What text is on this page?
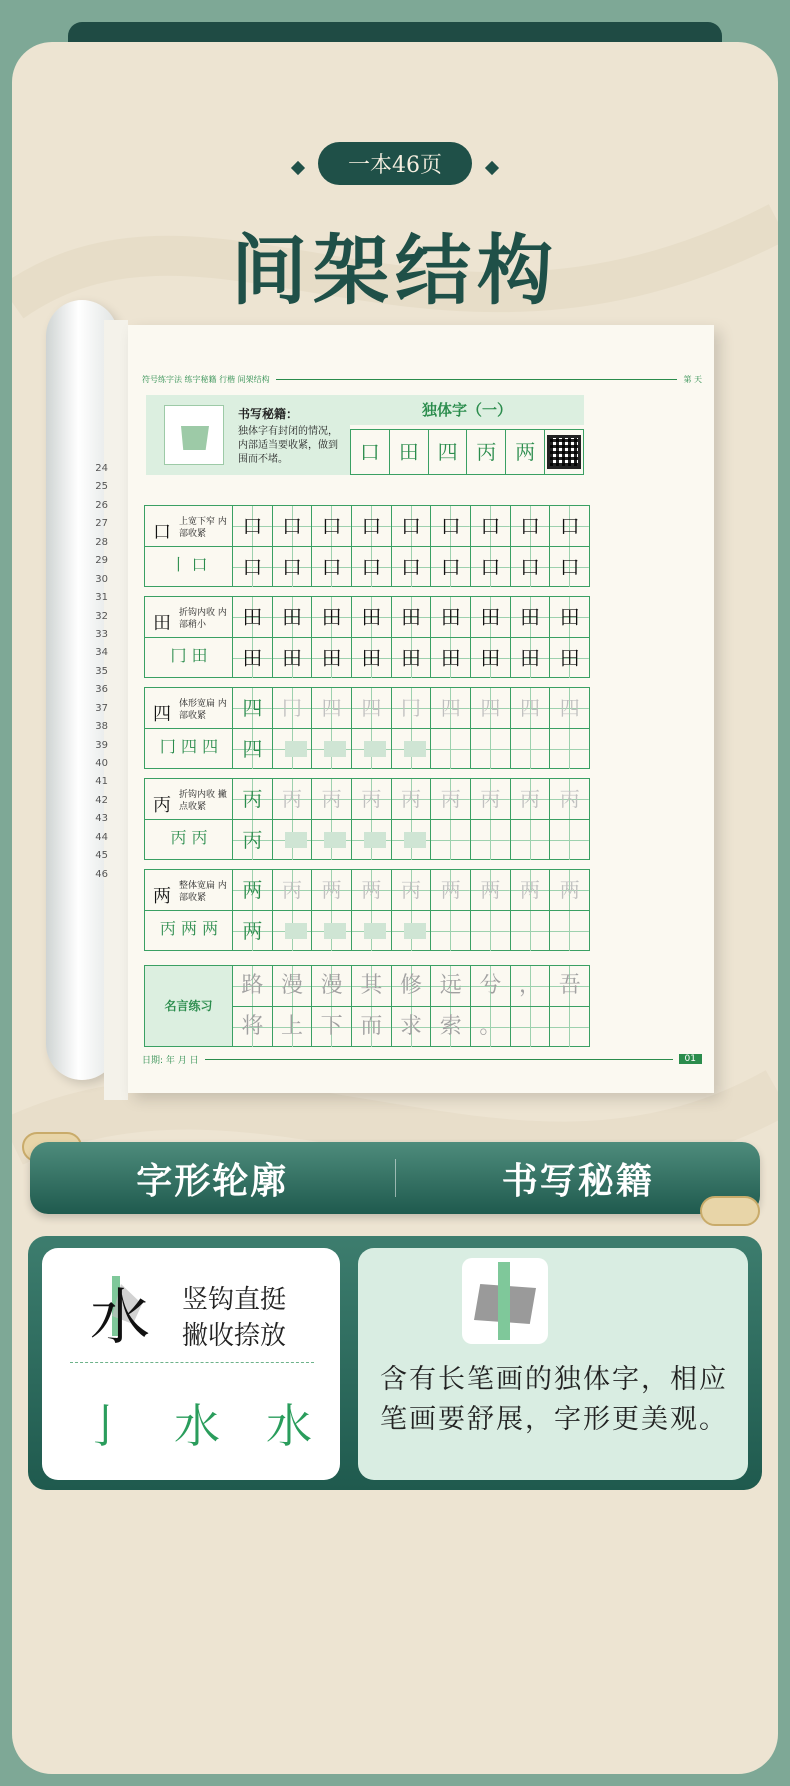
一本46页
间架结构
24
25
26
27
28
29
30
31
32
33
34
35
36
37
38
39
40
41
42
43
44
45
46
符号练字法 练字秘籍 行楷 间架结构	第 天
书写秘籍：
独体字有封闭的情况，内部适当要收紧，做到围而不堵。
独体字（一）
口 田 四 丙 两
口 上宽下窄 内部收紧
丨 口
口 口 口 口 口 口 口 口 口
口 口 口 口 口 口 口 口 口
田 折钩内收 内部稍小
冂 田
田 田 田 田 田 田 田 田 田
田 田 田 田 田 田 田 田 田
四 体形宽扁 内部收紧
冂 四 四
四 冂 四 四 冂 四 四 四 四
四
丙 折钩内收 撇点收紧
丙 丙
丙 丙 丙 丙 丙 丙 丙 丙 丙
丙
两 整体宽扁 内部收紧
丙 两 两
两 丙 两 两 丙 两 两 两 两
两
名言练习
路 漫 漫 其 修 远 兮 ， 吾
将 上 下 而 求 索 。
日期: 年 月 日	01
字形轮廓	书写秘籍
水 竖钩直挺
撇收捺放
亅 水 水
含有长笔画的独体字，相应笔画要舒展，字形更美观。
